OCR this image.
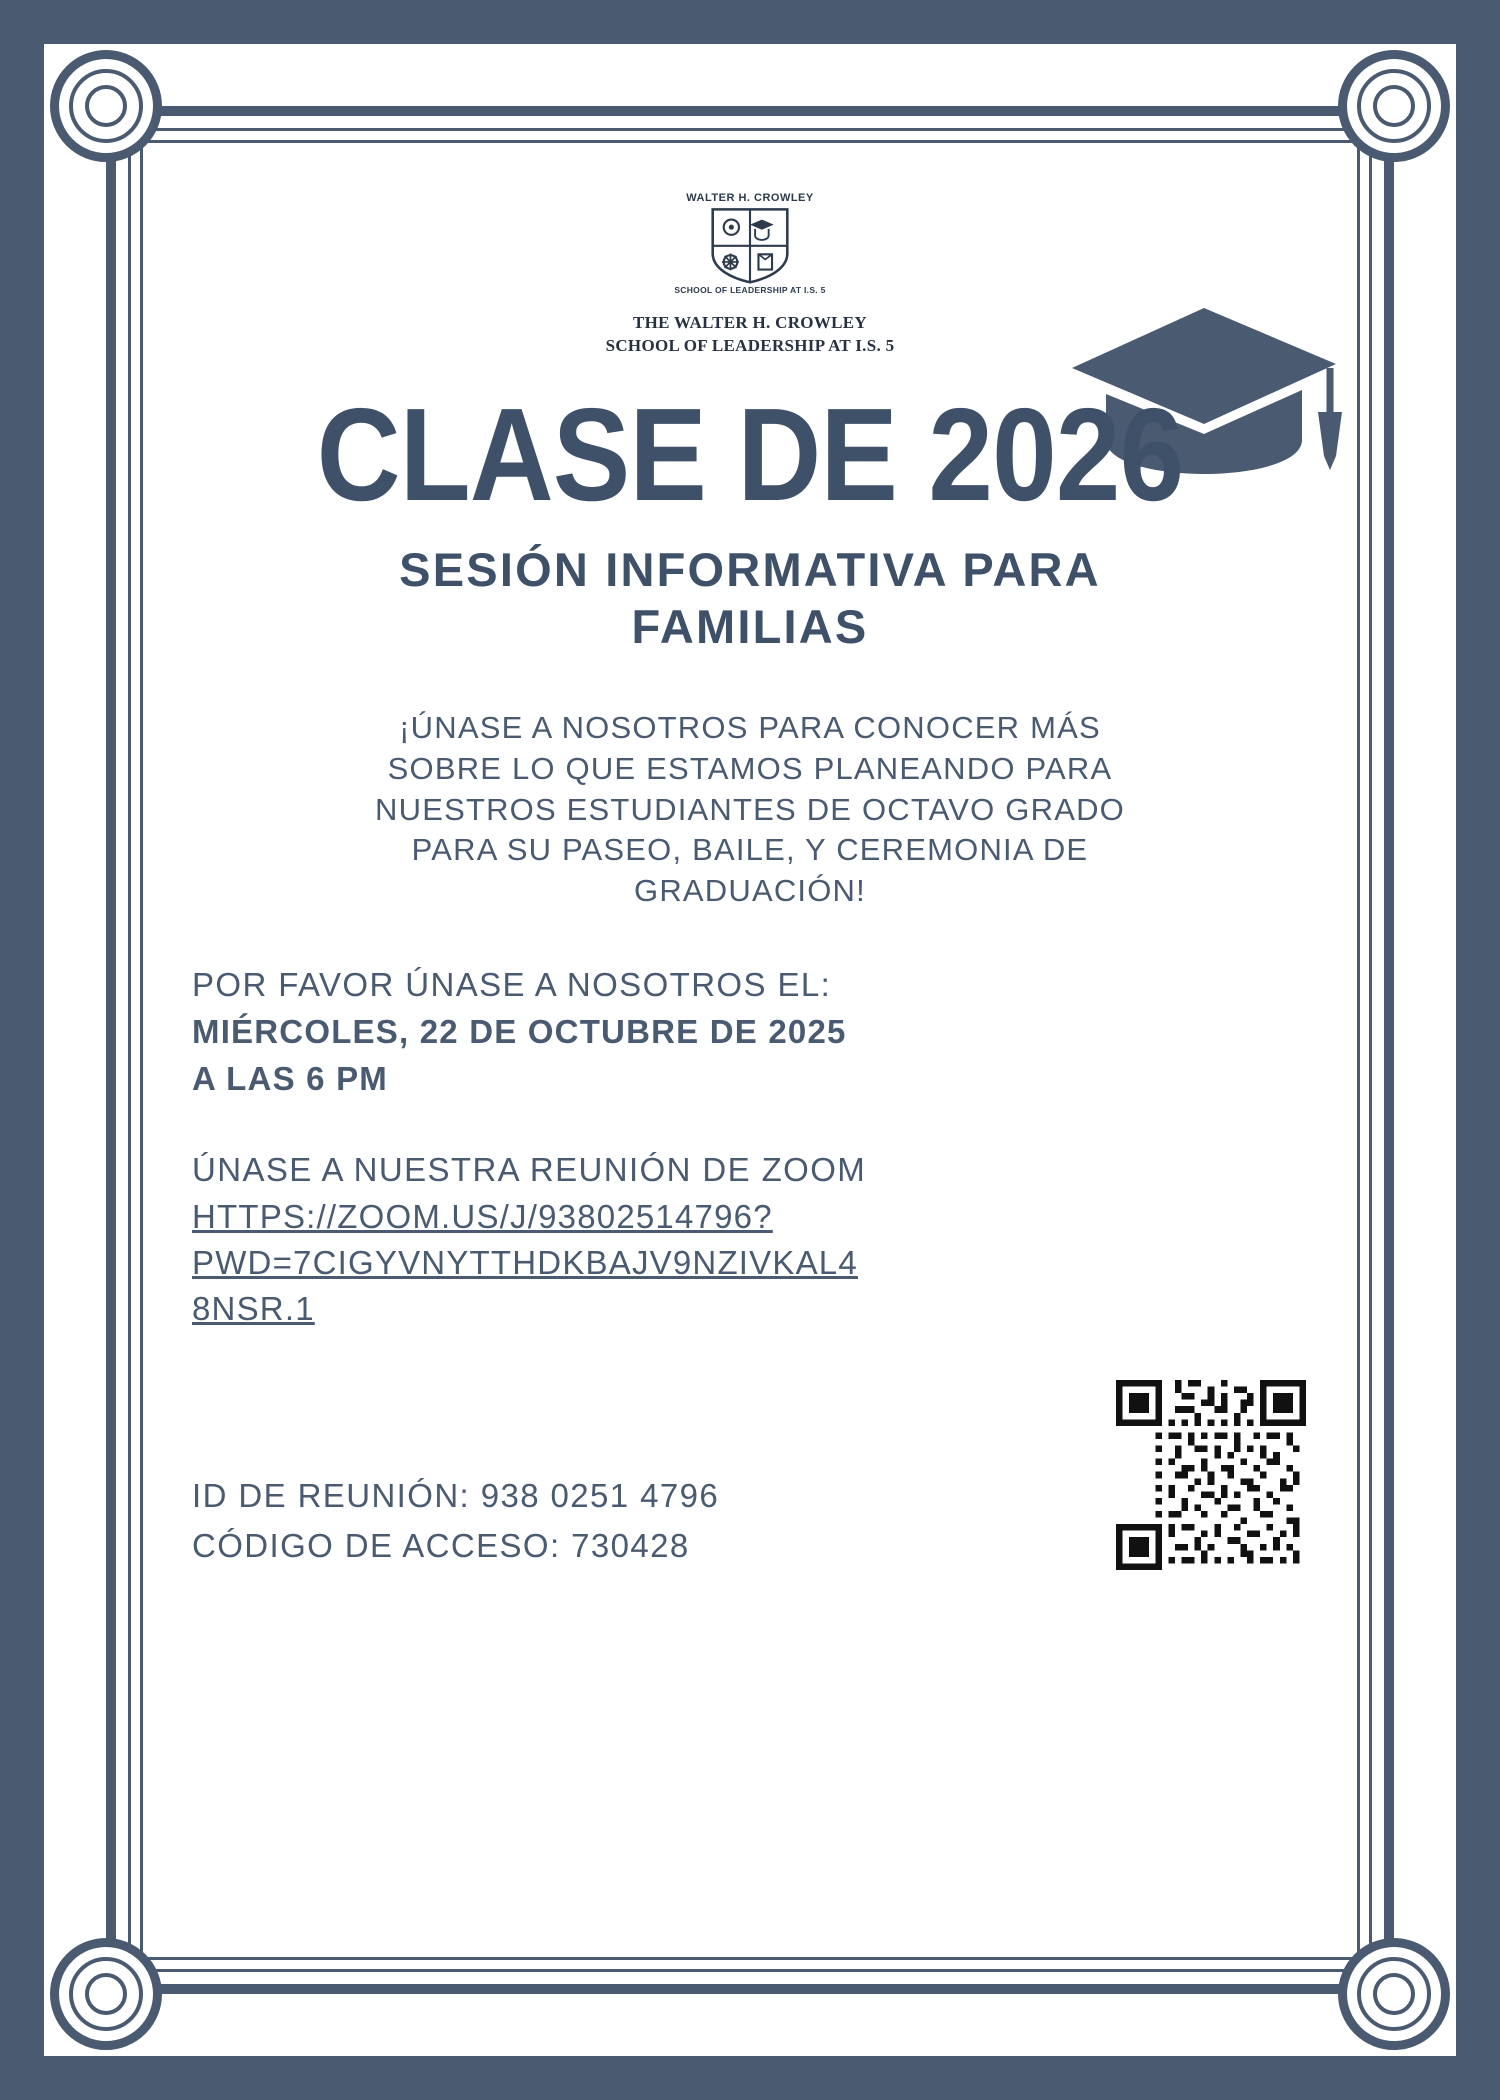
WALTER H. CROWLEY
SCHOOL OF LEADERSHIP AT I.S. 5
THE WALTER H. CROWLEY
SCHOOL OF LEADERSHIP AT I.S. 5
CLASE DE 2026
SESIÓN INFORMATIVA PARA
FAMILIAS
¡ÚNASE A NOSOTROS PARA CONOCER MÁS
SOBRE LO QUE ESTAMOS PLANEANDO PARA
NUESTROS ESTUDIANTES DE OCTAVO GRADO
PARA SU PASEO, BAILE, Y CEREMONIA DE
GRADUACIÓN!
POR FAVOR ÚNASE A NOSOTROS EL:
MIÉRCOLES, 22 DE OCTUBRE DE 2025
A LAS 6 PM
ÚNASE A NUESTRA REUNIÓN DE ZOOM
HTTPS://ZOOM.US/J/93802514796?
PWD=7CIGYVNYTTHDKBAJV9NZIVKAL4
8NSR.1
ID DE REUNIÓN: 938 0251 4796
CÓDIGO DE ACCESO: 730428
